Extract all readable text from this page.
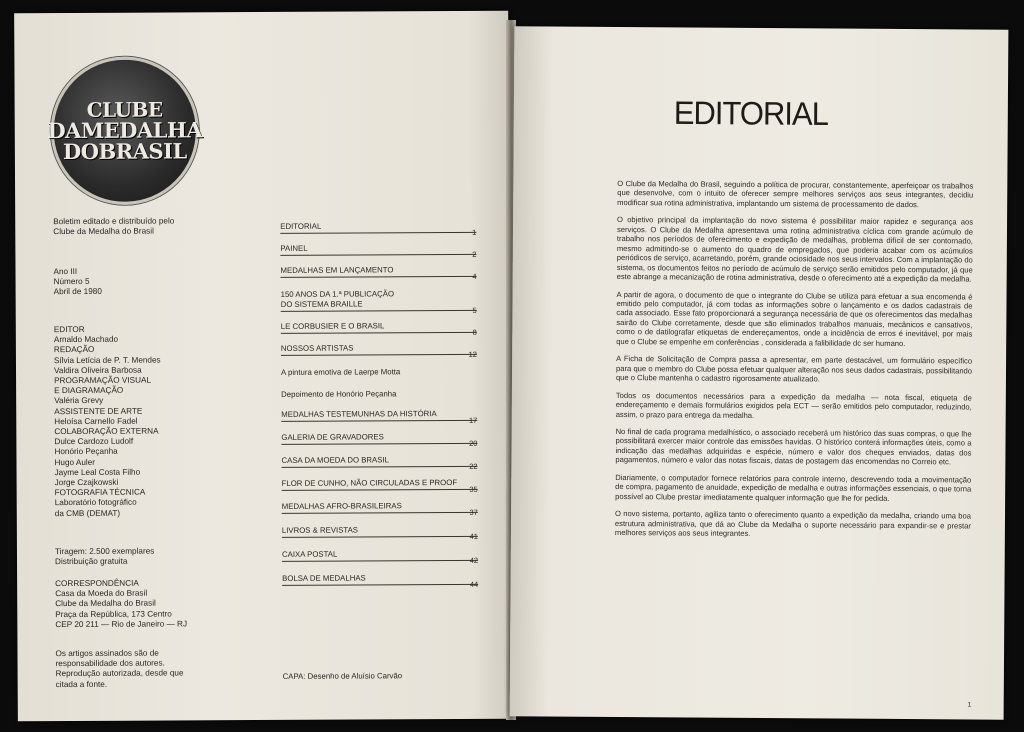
CLUBE
DAMEDALHA
DOBRASIL
Boletim editado e distribuído pelo
Clube da Medalha do Brasil
Ano III
Número 5
Abril de 1980
EDITOR
Arnaldo Machado
REDAÇÃO
Sílvia Letícia de P. T. Mendes
Valdira Oliveira Barbosa
PROGRAMAÇÃO VISUAL
E DIAGRAMAÇÃO
Valéria Grevy
ASSISTENTE DE ARTE
Heloísa Carnello Fadel
COLABORAÇÃO EXTERNA
Dulce Cardozo Ludolf
Honório Peçanha
Hugo Auler
Jayme Leal Costa Filho
Jorge Czajkowski
FOTOGRAFIA TÉCNICA
Laboratório fotográfico
da CMB (DEMAT)
Tiragem: 2.500 exemplares
Distribuição gratuita
CORRESPONDÊNCIA
Casa da Moeda do Brasil
Clube da Medalha do Brasil
Praça da República, 173 Centro
CEP 20 211 — Rio de Janeiro — RJ
Os artigos assinados são de
responsabilidade dos autores.
Reprodução autorizada, desde que
citada a fonte.
EDITORIAL
1
PAINEL
2
MEDALHAS EM LANÇAMENTO
4
150 ANOS DA 1.ª PUBLICAÇÃO
DO SISTEMA BRAILLE
5
LE CORBUSIER E O BRASIL
8
NOSSOS ARTISTAS
12
A pintura emotiva de Laerpe Motta
Depoimento de Honório Peçanha
MEDALHAS TESTEMUNHAS DA HISTÓRIA
17
GALERIA DE GRAVADORES
20
CASA DA MOEDA DO BRASIL
22
FLOR DE CUNHO, NÃO CIRCULADAS E PROOF
35
MEDALHAS AFRO-BRASILEIRAS
37
LIVROS & REVISTAS
41
CAIXA POSTAL
42
BOLSA DE MEDALHAS
44
CAPA: Desenho de Aluísio Carvão
EDITORIAL

O Clube da Medalha do Brasil, seguindo a política de procurar, constantemente, aperfeiçoar os trabalhos que desenvolve, com o intuito de oferecer sempre melhores serviços aos seus integrantes, decidiu modificar sua rotina administrativa, implantando um sistema de processamento de dados.

O objetivo principal da implantação do novo sistema é possibilitar maior rapidez e segurança aos serviços. O Clube da Medalha apresentava uma rotina administrativa cíclica com grande acúmulo de trabalho nos períodos de oferecimento e expedição de medalhas, problema difícil de ser contornado, mesmo admitindo-se o aumento do quadro de empregados, que poderia acabar com os acúmulos periódicos de serviço, acarretando, porém, grande ociosidade nos seus intervalos. Com a implantação do sistema, os documentos feitos no período de acúmulo de serviço serão emitidos pelo computador, já que este abrange a mecanização de rotina administrativa, desde o oferecimento até a expedição da medalha.

A partir de agora, o documento de que o integrante do Clube se utiliza para efetuar a sua encomenda é emitido pelo computador, já com todas as informações sobre o lançamento e os dados cadastrais de cada associado. Esse fato proporcionará a segurança necessária de que os oferecimentos das medalhas sairão do Clube corretamente, desde que são eliminados trabalhos manuais, mecânicos e cansativos, como o de datilografar etiquetas de endereçamentos, onde a incidência de erros é inevitável, por mais que o Clube se empenhe em conferências , considerada a falibilidade dc ser humano.

A Ficha de Solicitação de Compra passa a apresentar, em parte destacável, um formulário específico para que o membro do Clube possa efetuar qualquer alteração nos seus dados cadastrais, possibilitando que o Clube mantenha o cadastro rigorosamente atualizado.

Todos os documentos necessários para a expedição da medalha — nota fiscal, etiqueta de endereçamento e demais formulários exigidos pela ECT — serão emitidos pelo computador, reduzindo, assim, o prazo para entrega da medalha.

No final de cada programa medalhístico, o associado receberá um histórico das suas compras, o que lhe possibilitará exercer maior controle das emissões havidas. O histórico conterá informações úteis, como a indicação das medalhas adquiridas e espécie, número e valor dos cheques enviados, datas dos pagamentos, número e valor das notas fiscais, datas de postagem das encomendas no Correio etc.

Diariamente, o computador fornece relatórios para controle interno, descrevendo toda a movimentação de compra, pagamento de anuidade, expedição de medalha e outras informações essenciais, o que torna possível ao Clube prestar imediatamente qualquer informação que lhe for pedida.

O novo sistema, portanto, agiliza tanto o oferecimento quanto a expedição da medalha, criando uma boa estrutura administrativa, que dá ao Clube da Medalha o suporte necessário para expandir-se e prestar melhores serviços aos seus integrantes.

1
